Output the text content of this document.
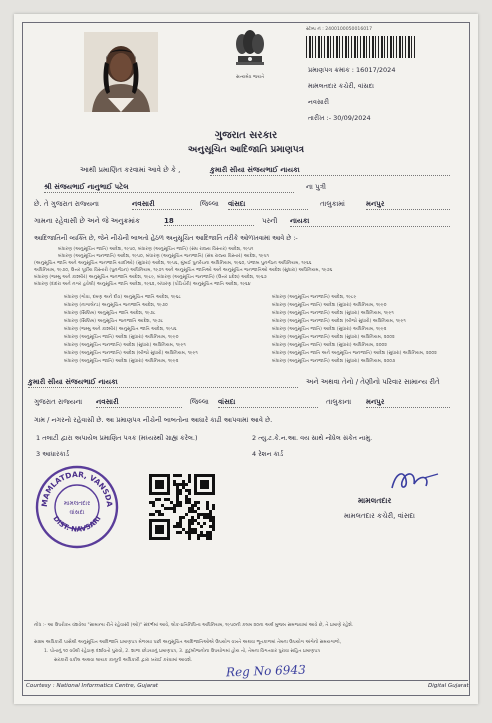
સત્યમેવ જયતે
સ્ટૅમ્પ નં : 2400100050016017
પ્રમાણપત્ર ક્રમાંક : 16017/2024
મામલતદાર કચેરી, વાંસદા
નવસારી
તારીખ :- 30/09/2024
ગુજરાત સરકાર
અનુસૂચિત આદિજાતિ પ્રમાણપત્ર
આથી પ્રમાણિત કરવામાં આવે છે કે ,	કુમારી સીયા સંજયભાઈ નાયકા
શ્રી સંજયભાઈ નાનુભાઈ પટેલ	ના પુત્રી
છે. તે ગુજરાત રાજ્યના	નવસારી	જિલ્લા વાંસદા	તાલુકામાં	મનપુર
ગામના રહેવાસી છે અને જે અનુક્રમાંક	18	પરની નાયકા
આદિજાતિની વ્યક્તિ છે, જેને નીચેની બાબતો હેઠળ અનુસૂચિત આદિજાતિ તરીકે ઓળખવામાં આવે છે :-
બંધારણ (અનુસૂચિત જાતિ) આદેશ, ૧૯૫૦, બંધારણ (અનુસૂચિત જાતિ) (સંઘ રાજ્ય વિસ્તાર) આદેશ, ૧૯૫૧
બંધારણ (અનુસૂચિત જનજાતિ) આદેશ, ૧૯૫૦, બંધારણ (અનુસૂચિત જનજાતિ) (સંઘ રાજ્ય વિસ્તાર) આદેશ, ૧૯૫૧
(અનુસૂચિત જાતિ અને અનુસૂચિત જનજાતિ યાદીઓ) (સુધારા) આદેશ, ૧૯૫૬, મુંબઈ પુનર્રચના અધિનિયમ, ૧૯૬૦, પંજાબ પુનર્ગઠન અધિનિયમ, ૧૯૬૬
અધિનિયમ, ૧૯૭૦, ઉત્તર પૂર્વીય વિસ્તારો (પુનર્ગઠન) અધિનિયમ, ૧૯૭૧ અને અનુસૂચિત જાતિઓ અને અનુસૂચિત જનજાતિઓ આદેશ (સુધારા) અધિનિયમ, ૧૯૭૬
બંધારણ (જમ્મુ અને કાશ્મીર) અનુસૂચિત જનજાતિ આદેશ, ૧૯૮૯, બંધારણ (અનુસૂચિત જનજાતિ) (ઉત્તર પ્રદેશ) આદેશ, ૧૯૬૭
બંધારણ (દાદરા અને નગર હવેલી) અનુસૂચિત જાતિ આદેશ, ૧૯૬૨, બંધારણ (પોંડિચેરી) અનુસૂચિત જાતિ આદેશ, ૧૯૬૪
બંધારણ (ગોવા, દમણ અને દીવ) અનુસૂચિત જાતિ આદેશ, ૧૯૬૮
બંધારણ (નાગાલેન્ડ) અનુસૂચિત જનજાતિ આદેશ, ૧૯૭૦
બંધારણ (સિક્કિમ) અનુસૂચિત જાતિ આદેશ, ૧૯૭૮
બંધારણ (સિક્કિમ) અનુસૂચિત જનજાતિ આદેશ, ૧૯૭૮
બંધારણ (જમ્મુ અને કાશ્મીર) અનુસૂચિત જાતિ આદેશ, ૧૯૫૬
બંધારણ (અનુસૂચિત જાતિ) આદેશ (સુધારા) અધિનિયમ, ૧૯૯૦
બંધારણ (અનુસૂચિત જનજાતિ) આદેશ (સુધારા) અધિનિયમ, ૧૯૯૧
બંધારણ (અનુસૂચિત જનજાતિ) આદેશ (બીજો સુધારો) અધિનિયમ, ૧૯૯૧
બંધારણ (અનુસૂચિત જાતિ) આદેશ (સુધારા) અધિનિયમ, ૧૯૯૨
બંધારણ (અનુસૂચિત જનજાતિ) આદેશ, ૧૯૮૯
બંધારણ (અનુસૂચિત જાતિ) આદેશ (સુધારા) અધિનિયમ, ૧૯૯૦
બંધારણ (અનુસૂચિત જનજાતિ) આદેશ (સુધારા) અધિનિયમ, ૧૯૯૧
બંધારણ (અનુસૂચિત જનજાતિ) આદેશ (બીજો સુધારો) અધિનિયમ, ૧૯૯૧
બંધારણ (અનુસૂચિત જાતિ) આદેશ (સુધારા) અધિનિયમ, ૧૯૯૨
બંધારણ (અનુસૂચિત જનજાતિ) આદેશ (સુધારા) અધિનિયમ, ૨૦૦૨
બંધારણ (અનુસૂચિત જાતિ) આદેશ (સુધારા) અધિનિયમ, ૨૦૦૨
બંધારણ (અનુસૂચિત જાતિ અને અનુસૂચિત જનજાતિ) આદેશ (સુધારા) અધિનિયમ, ૨૦૦૨
બંધારણ (અનુસૂચિત જનજાતિ) આદેશ (સુધારા) અધિનિયમ, ૨૦૦૩
કુમારી સીયા સંજયભાઈ નાયકા	અને અથવા તેનો / તેણીનો પરિવાર સામાન્ય રીતે
ગુજરાત રાજ્યના નવસારી	જિલ્લા વાંસદા	તાલુકાના મનપુર
ગામ / નગરનો રહેવાસી છે. આ પ્રમાણપત્ર નીચેની બાબતોના આધારે કાઢી આપવામાં આવે છે.
1 તલાટી દ્વારા અપાયેલ પ્રમાણિત પત્રક (મધ્યસ્થી ગ્રાહ્ય કરેલ.)	2 ત્યુ.ટ.કે.ન.આ. વય સાથે નોંધેલ સંકેત નામુ.
3 આધારકાર્ડ	4 રેશન કાર્ડ
MAMLATDAR, VANSDA
DIST. NAVSARI
મામલતદાર
વાંસદા
મામલતદાર
મામલતદાર કચેરી, વાંસદા
નોંધ :- આ ઉપરોક્ત વંશવેલા "સામાન્ય રીતે રહેવાસી (ઓ)" સંદર્ભમાં આવે, લોક-પ્રતિનિધિત્વ અધિનિયમ, ૧૯૫૦ની કલમ ૨૦ના અર્થ મુજબ સમજવામાં આવે છે, તે પ્રમાણે રહેશે.
સક્ષમ અધિકારી પાસેથી અનુસૂચિત આદિજાતિ પ્રમાણપત્ર મેળવ્યા પછી અનુસૂચિત આદિજાતિઓએ ઉપયોગ વખતે અથવા ભૂતકાળમાં તેમના ઉપયોગ અંગેનો સમયગાળો,
1. પોતાનું ૧૦ વર્ષથી રહેઠાણ દર્શાવતો પુરાવો, 2. શાળા છોડયાનું પ્રમાણપત્ર, 3. કુટુંબીજનોના ઉપયોગમાં હોય તો, તેમના વિગતવાર પુરાવા સહિત પ્રમાણપત્ર
સરકારી વકીલ અથવા લાયક કાનૂની અધિકારી દ્વારા ખરાઈ કરવામાં આવશે.
Reg No 6943
Courtesy : National Informatics Centre, Gujarat	Digital Gujarat
